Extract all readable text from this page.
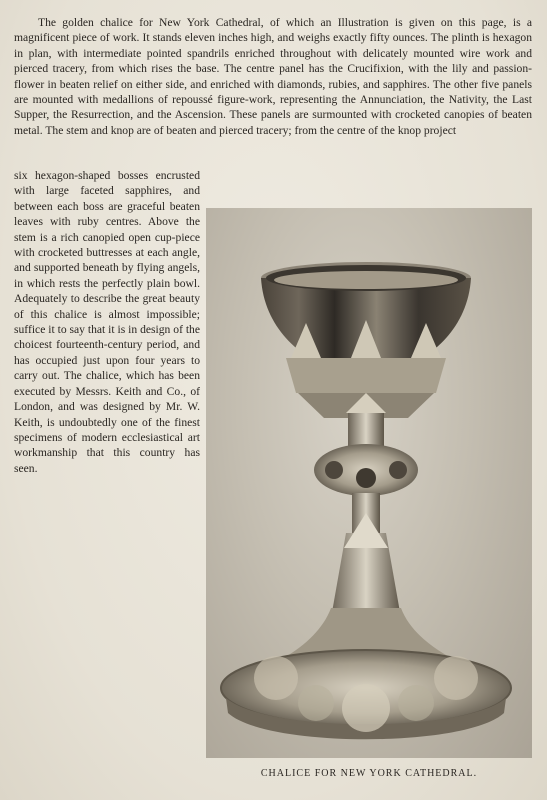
The golden chalice for New York Cathedral, of which an Illustration is given on this page, is a magnificent piece of work. It stands eleven inches high, and weighs exactly fifty ounces. The plinth is hexagon in plan, with intermediate pointed spandrils enriched throughout with delicately mounted wire work and pierced tracery, from which rises the base. The centre panel has the Crucifixion, with the lily and passion-flower in beaten relief on either side, and enriched with diamonds, rubies, and sapphires. The other five panels are mounted with medallions of repoussé figure-work, representing the Annunciation, the Nativity, the Last Supper, the Resurrection, and the Ascension. These panels are surmounted with crocketed canopies of beaten metal. The stem and knop are of beaten and pierced tracery; from the centre of the knop project

six hexagon-shaped bosses encrusted with large faceted sapphires, and between each boss are graceful beaten leaves with ruby centres. Above the stem is a rich canopied open cup-piece with crocketed buttresses at each angle, and supported beneath by flying angels, in which rests the perfectly plain bowl. Adequately to describe the great beauty of this chalice is almost impossible; suffice it to say that it is in design of the choicest fourteenth-century period, and has occupied just upon four years to carry out. The chalice, which has been executed by Messrs. Keith and Co., of London, and was designed by Mr. W. Keith, is undoubtedly one of the finest specimens of modern ecclesiastical art workmanship that this country has seen.

CHALICE FOR NEW YORK CATHEDRAL.
